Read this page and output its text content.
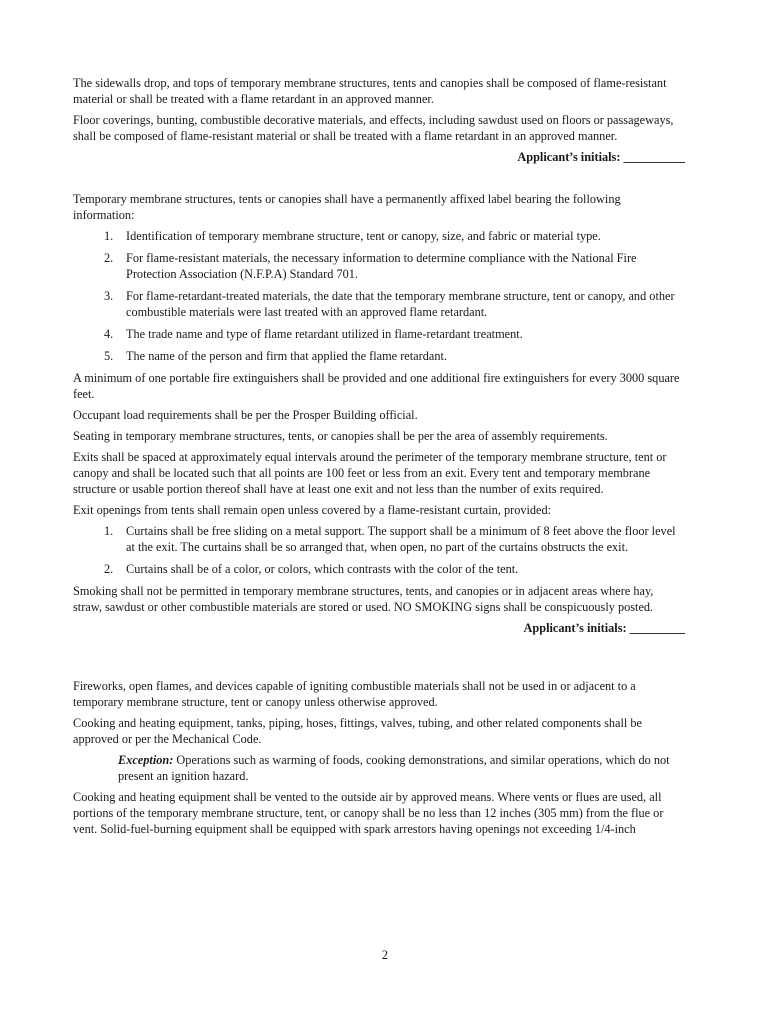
The sidewalls drop, and tops of temporary membrane structures, tents and canopies shall be composed of flame-resistant material or shall be treated with a flame retardant in an approved manner.

Floor coverings, bunting, combustible decorative materials, and effects, including sawdust used on floors or passageways, shall be composed of flame-resistant material or shall be treated with a flame retardant in an approved manner.

Applicant’s initials: __________

Temporary membrane structures, tents or canopies shall have a permanently affixed label bearing the following information:

1. Identification of temporary membrane structure, tent or canopy, size, and fabric or material type.
2. For flame-resistant materials, the necessary information to determine compliance with the National Fire Protection Association (N.F.P.A) Standard 701.
3. For flame-retardant-treated materials, the date that the temporary membrane structure, tent or canopy, and other combustible materials were last treated with an approved flame retardant.
4. The trade name and type of flame retardant utilized in flame-retardant treatment.
5. The name of the person and firm that applied the flame retardant.

A minimum of one portable fire extinguishers shall be provided and one additional fire extinguishers for every 3000 square feet.

Occupant load requirements shall be per the Prosper Building official.

Seating in temporary membrane structures, tents, or canopies shall be per the area of assembly requirements.

Exits shall be spaced at approximately equal intervals around the perimeter of the temporary membrane structure, tent or canopy and shall be located such that all points are 100 feet or less from an exit. Every tent and temporary membrane structure or usable portion thereof shall have at least one exit and not less than the number of exits required.

Exit openings from tents shall remain open unless covered by a flame-resistant curtain, provided:

1. Curtains shall be free sliding on a metal support. The support shall be a minimum of 8 feet above the floor level at the exit. The curtains shall be so arranged that, when open, no part of the curtains obstructs the exit.
2. Curtains shall be of a color, or colors, which contrasts with the color of the tent.

Smoking shall not be permitted in temporary membrane structures, tents, and canopies or in adjacent areas where hay, straw, sawdust or other combustible materials are stored or used. NO SMOKING signs shall be conspicuously posted.

Applicant’s initials: _________

Fireworks, open flames, and devices capable of igniting combustible materials shall not be used in or adjacent to a temporary membrane structure, tent or canopy unless otherwise approved.

Cooking and heating equipment, tanks, piping, hoses, fittings, valves, tubing, and other related components shall be approved or per the Mechanical Code.

Exception: Operations such as warming of foods, cooking demonstrations, and similar operations, which do not present an ignition hazard.

Cooking and heating equipment shall be vented to the outside air by approved means. Where vents or flues are used, all portions of the temporary membrane structure, tent, or canopy shall be no less than 12 inches (305 mm) from the flue or vent. Solid-fuel-burning equipment shall be equipped with spark arrestors having openings not exceeding 1/4-inch

2
